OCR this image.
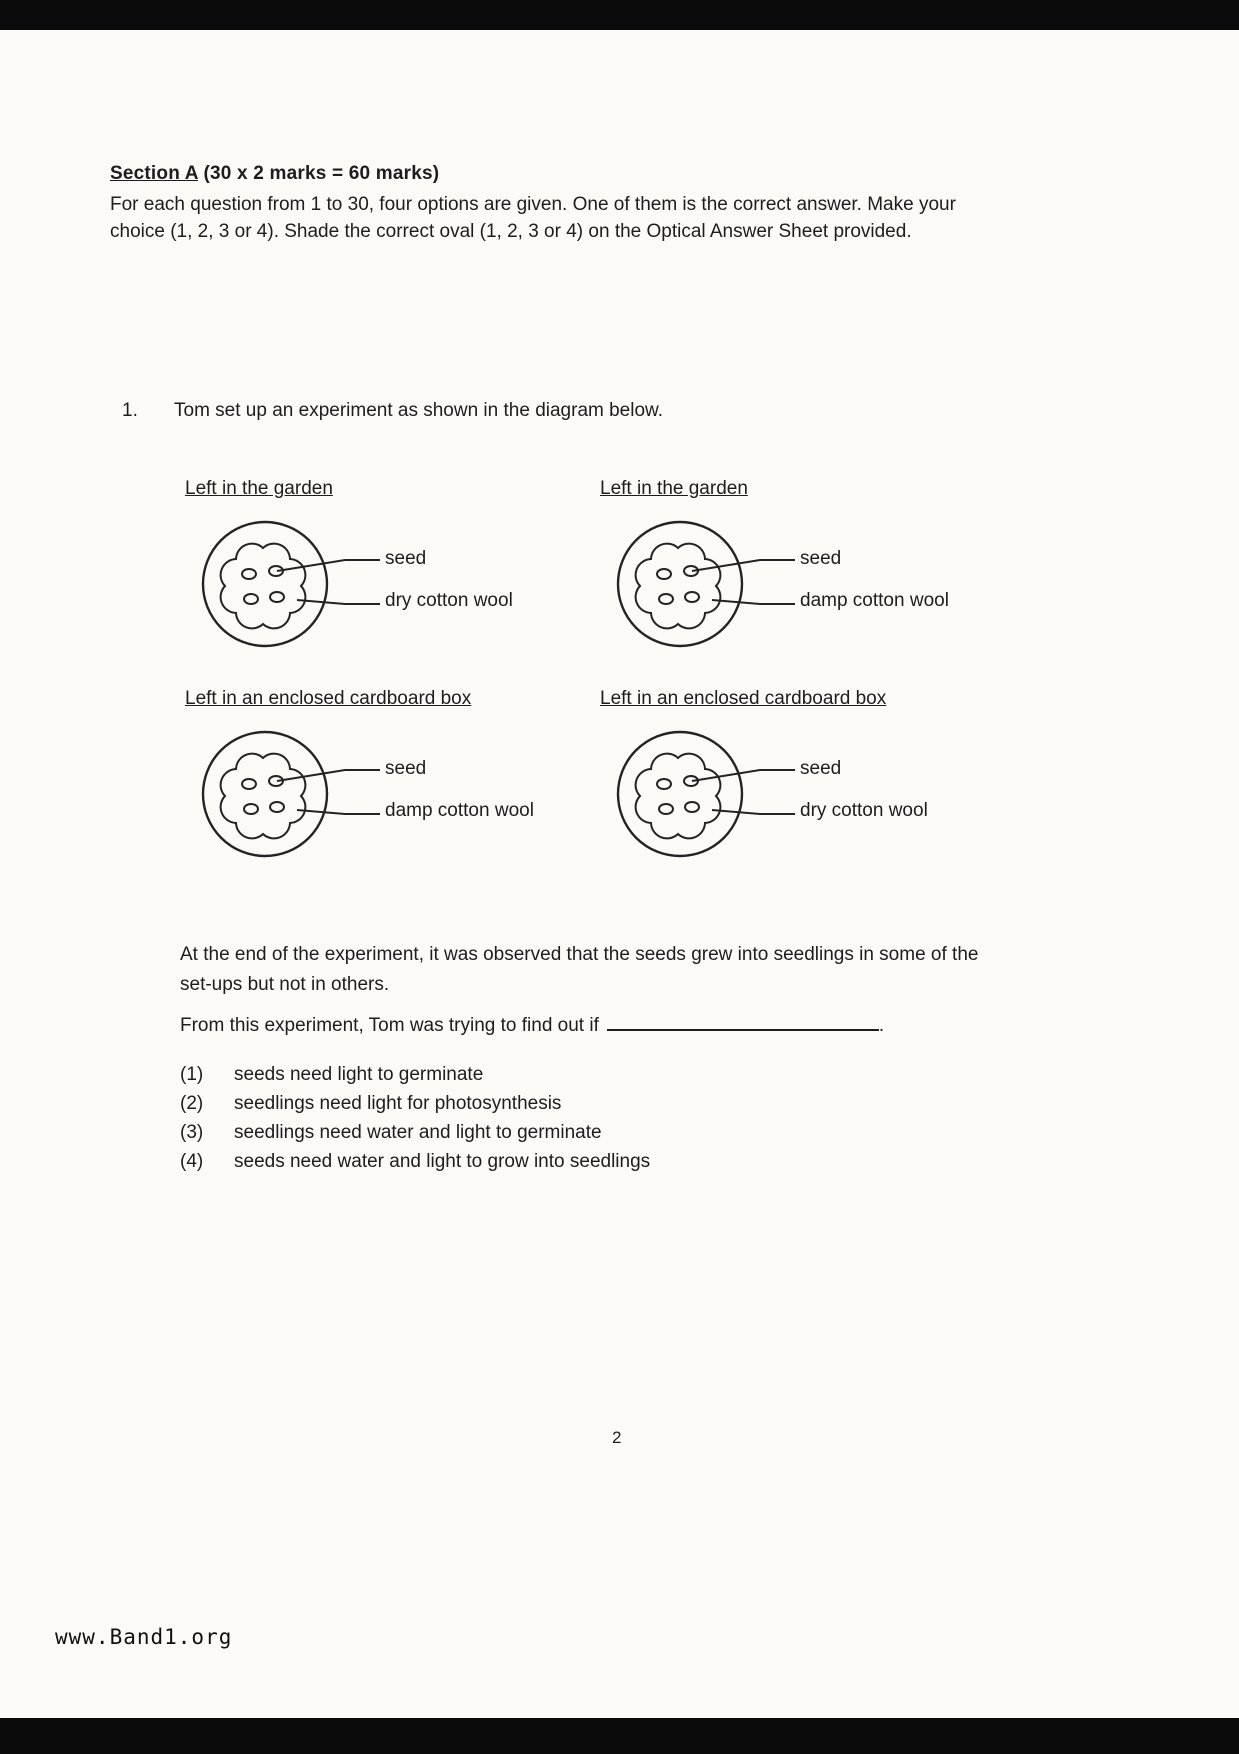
Section A (30 x 2 marks = 60 marks)
For each question from 1 to 30, four options are given. One of them is the correct answer. Make your choice (1, 2, 3 or 4). Shade the correct oval (1, 2, 3 or 4) on the Optical Answer Sheet provided.
1. Tom set up an experiment as shown in the diagram below.
Left in the garden
seed
dry cotton wool
Left in the garden
seed
damp cotton wool
Left in an enclosed cardboard box
seed
damp cotton wool
Left in an enclosed cardboard box
seed
dry cotton wool
At the end of the experiment, it was observed that the seeds grew into seedlings in some of the set-ups but not in others.
From this experiment, Tom was trying to find out if	.
(1) seeds need light to germinate
(2) seedlings need light for photosynthesis
(3) seedlings need water and light to germinate
(4) seeds need water and light to grow into seedlings
2
www.Band1.org
